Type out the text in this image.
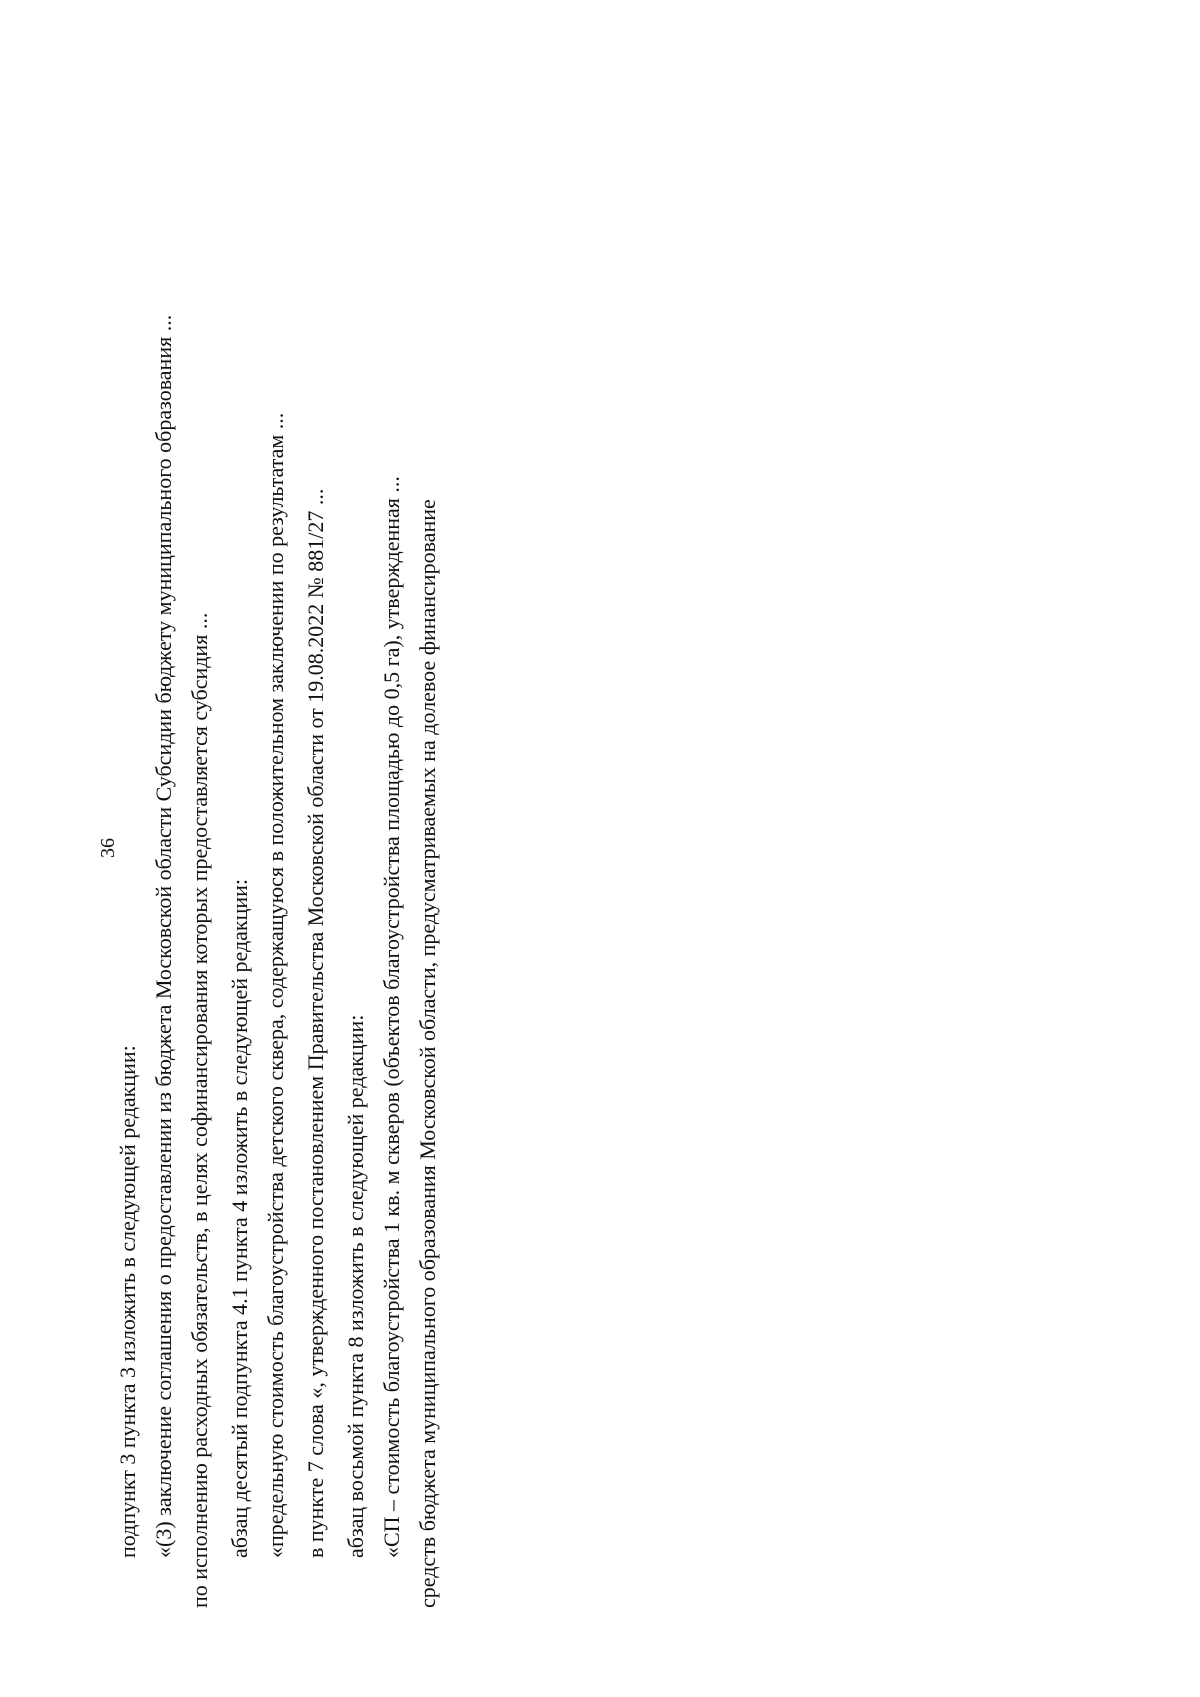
36

подпункт 3 пункта 3 изложить в следующей редакции: «(3) заключение соглашения о предоставлении из бюджета Московской области Субсидии бюджету муниципального образования ... по исполнению расходных обязательств, в целях софинансирования которых предоставляется субсидия ... абзац десятый подпункта 4.1 пункта 4 изложить в следующей редакции: «предельную стоимость благоустройства детского сквера, содержащуюся в положительном заключении по результатам ... в пункте 7 слова «, утвержденного постановлением Правительства Московской области от 19.08.2022 № 881/27 ... абзац восьмой пункта 8 изложить в следующей редакции: «СП – стоимость благоустройства 1 кв. м скверов (объектов благоустройства площадью до 0,5 га), утвержденная ... средств бюджета муниципального образования Московской области, предусматриваемых на долевое финансирование
